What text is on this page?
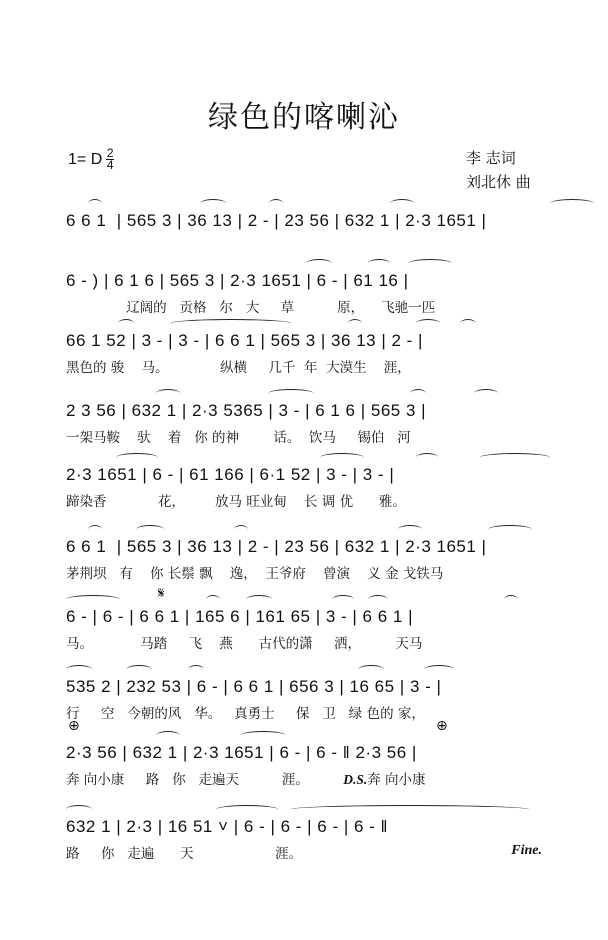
绿色的喀喇沁
1= D 2
4	李 志词
刘北休 曲
6 6 1  | 565 3 | 36 13 | 2 - | 23 56 | 632 1 | 2·3 1651 |
6 - ) | 6 1 6 | 565 3 | 2·3 1651 | 6 - | 61 16 |
辽阔的   贡格   尔   大     草          原，    飞驰一匹
66 1 52 | 3 - | 3 - | 6 6 1 | 565 3 | 36 13 | 2 - |
黑色的 骏    马。            纵横     几千  年  大漠生    涯，
2 3 56 | 632 1 | 2·3 5365 | 3 - | 6 1 6 | 565 3 |
一架马鞍    驮    着   你 的神        话。  饮马     锡伯   河
2·3 1651 | 6 - | 61 166 | 6·1 52 | 3 - | 3 - |
蹄染香            花，       放马 旺业甸    长 调 优      雅。
6 6 1  | 565 3 | 36 13 | 2 - | 23 56 | 632 1 | 2·3 1651 |
茅荆坝   有    你 长鬃 飘    逸，  王爷府    曾演    义 金 戈铁马
𝄋
6 - | 6 - | 6 6 1 | 165 6 | 161 65 | 3 - | 6 6 1 |
马。           马踏     飞    燕      古代的潇     洒，        天马
535 2 | 232 53 | 6 - | 6 6 1 | 656 3 | 16 65 | 3 - |
行     空   今朝的风   华。   真勇士     保   卫   绿 色的 家，
⊕	⊕
2·3 56 | 632 1 | 2·3 1651 | 6 - | 6 - ‖ 2·3 56 |
奔 向小康     路   你   走遍天          涯。        D.S.奔 向小康
632 1 | 2·3 | 16 51 ˅ | 6 - | 6 - | 6 - | 6 - ‖
路     你   走遍      天                   涯。	Fine.
